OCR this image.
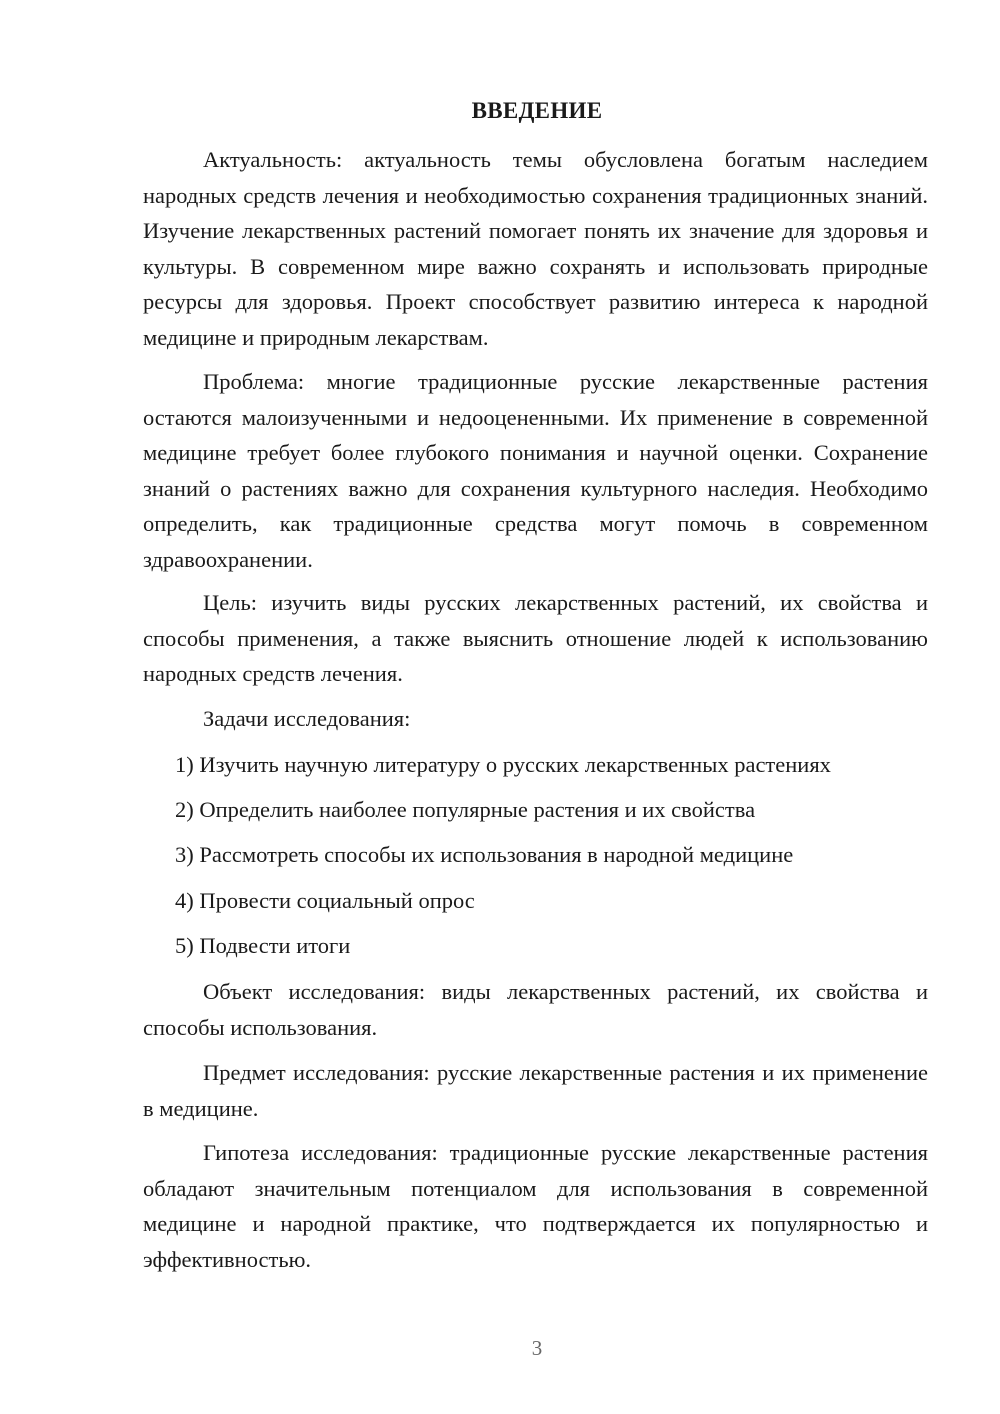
ВВЕДЕНИЕ

Актуальность: актуальность темы обусловлена богатым наследием народных средств лечения и необходимостью сохранения традиционных знаний. Изучение лекарственных растений помогает понять их значение для здоровья и культуры. В современном мире важно сохранять и использовать природные ресурсы для здоровья. Проект способствует развитию интереса к народной медицине и природным лекарствам.

Проблема: многие традиционные русские лекарственные растения остаются малоизученными и недооцененными. Их применение в современной медицине требует более глубокого понимания и научной оценки. Сохранение знаний о растениях важно для сохранения культурного наследия. Необходимо определить, как традиционные средства могут помочь в современном здравоохранении.

Цель: изучить виды русских лекарственных растений, их свойства и способы применения, а также выяснить отношение людей к использованию народных средств лечения.

Задачи исследования:
1) Изучить научную литературу о русских лекарственных растениях
2) Определить наиболее популярные растения и их свойства
3) Рассмотреть способы их использования в народной медицине
4) Провести социальный опрос
5) Подвести итоги

Объект исследования: виды лекарственных растений, их свойства и способы использования.

Предмет исследования: русские лекарственные растения и их применение в медицине.

Гипотеза исследования: традиционные русские лекарственные растения обладают значительным потенциалом для использования в современной медицине и народной практике, что подтверждается их популярностью и эффективностью.

3
